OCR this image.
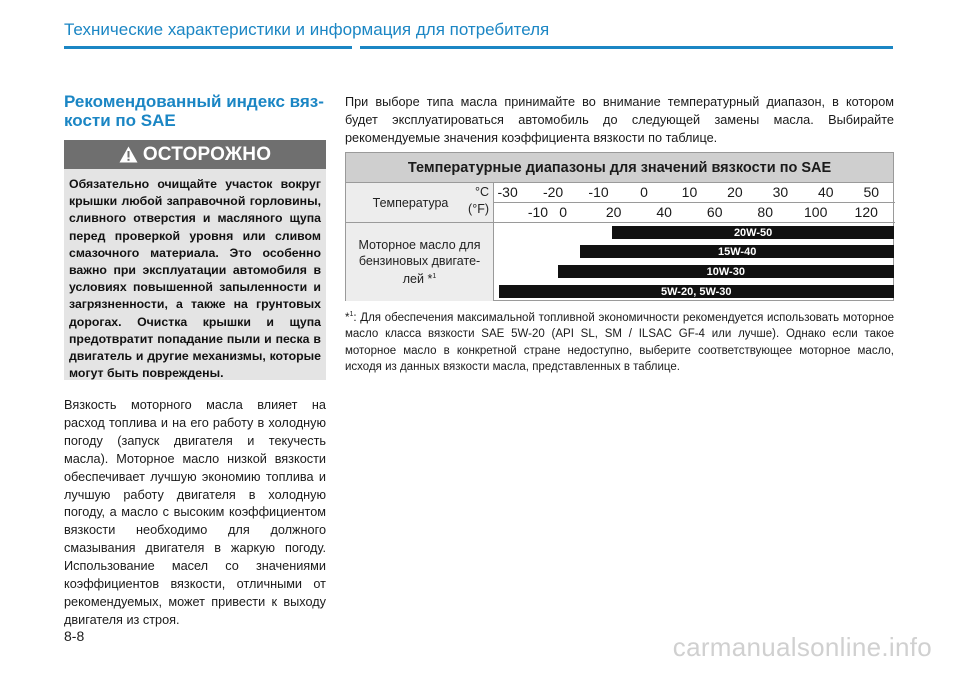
Технические характеристики и информация для потребителя
Рекомендованный индекс вяз-кости по SAE
ОСТОРОЖНО
Обязательно очищайте участок вокруг крышки любой заправочной горловины, сливного отверстия и масляного щупа перед проверкой уровня или сливом смазочного материала. Это особенно важно при эксплуатации автомобиля в условиях повышенной запыленности и загрязненности, а также на грунтовых дорогах. Очистка крышки и щупа предотвратит попадание пыли и песка в двигатель и другие механизмы, которые могут быть повреждены.
Вязкость моторного масла влияет на расход топлива и на его работу в холодную погоду (запуск двигателя и текучесть масла). Моторное масло низкой вязкости обеспечивает лучшую экономию топлива и лучшую работу двигателя в холодную погоду, а масло с высоким коэффициентом вязкости необходимо для должного смазывания двигателя в жаркую погоду. Использование масел со значениями коэффициентов вязкости, отличными от рекомендуемых, может привести к выходу двигателя из строя.
При выборе типа масла принимайте во внимание температурный диапазон, в котором будет эксплуатироваться автомобиль до следующей замены масла. Выбирайте рекомендуемые значения коэффициента вязкости по таблице.
Температурные диапазоны для значений вязкости по SAE
Температура
°C
(°F)
Моторное масло для
бензиновых двигате-
лей *$^1$
-30 -20 -10 0 10 20 30 40 50
-10 0	20 40 60 80 100 120
20W-50
15W-40
10W-30
5W-20, 5W-30
*$^1$: Для обеспечения максимальной топливной экономичности рекомендуется использовать моторное масло класса вязкости SAE 5W-20 (API SL, SM / ILSAC GF-4 или лучше). Однако если такое моторное масло в конкретной стране недоступно, выберите соответствующее моторное масло, исходя из данных вязкости масла, представленных в таблице.
8-8	carmanualsonline.info
